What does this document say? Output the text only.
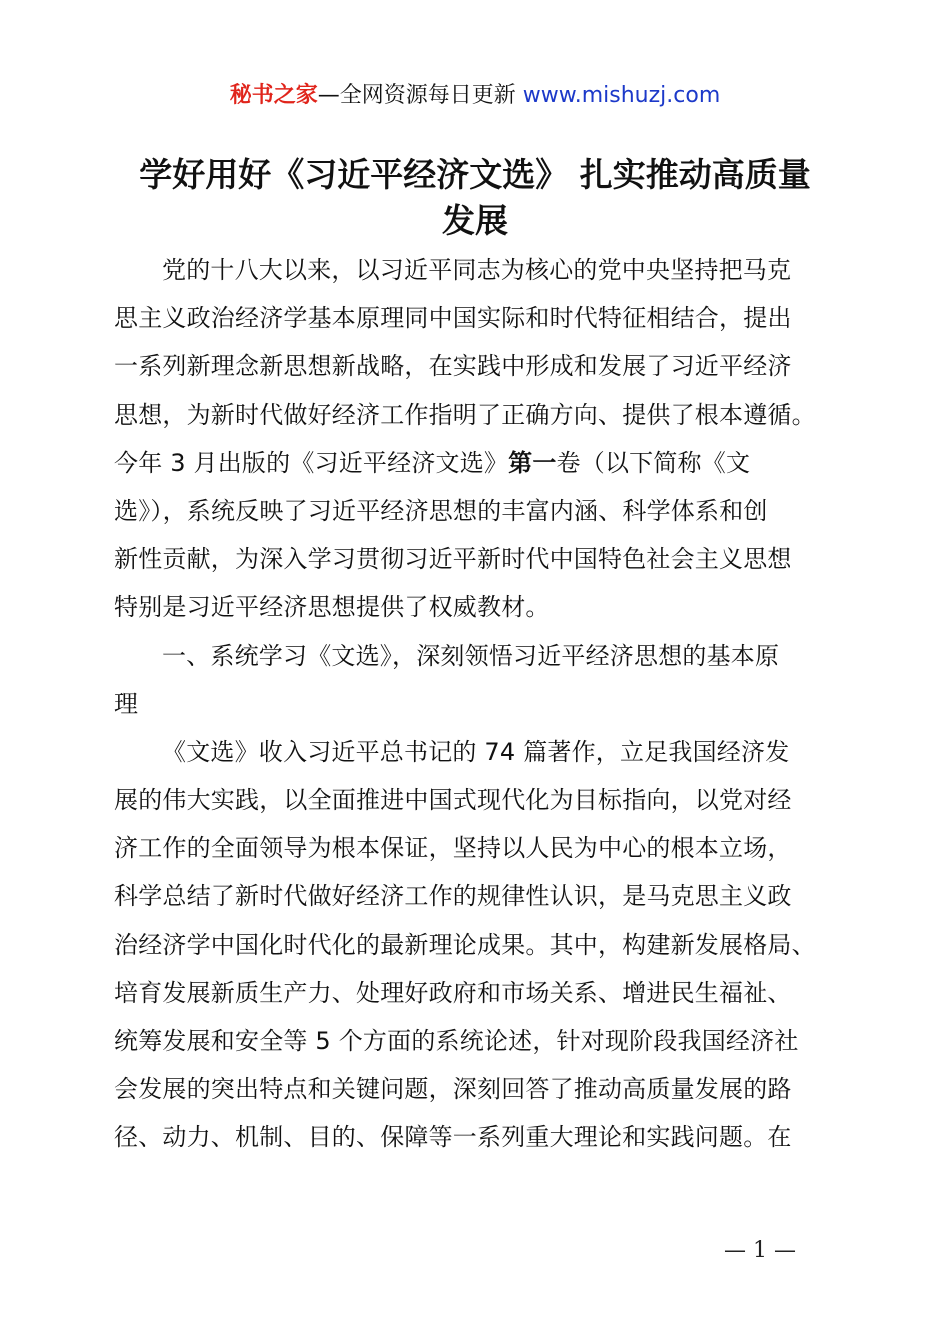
秘书之家—全网资源每日更新 www.mishuzj.com
学好用好《习近平经济文选》 扎实推动高质量
发展
党的十八大以来，以习近平同志为核心的党中央坚持把马克
思主义政治经济学基本原理同中国实际和时代特征相结合，提出
一系列新理念新思想新战略，在实践中形成和发展了习近平经济
思想，为新时代做好经济工作指明了正确方向、提供了根本遵循。
今年 3 月出版的《习近平经济文选》第一卷（以下简称《文
选》），系统反映了习近平经济思想的丰富内涵、科学体系和创
新性贡献，为深入学习贯彻习近平新时代中国特色社会主义思想
特别是习近平经济思想提供了权威教材。
一、系统学习《文选》，深刻领悟习近平经济思想的基本原
理
《文选》收入习近平总书记的 74 篇著作，立足我国经济发
展的伟大实践，以全面推进中国式现代化为目标指向，以党对经
济工作的全面领导为根本保证，坚持以人民为中心的根本立场，
科学总结了新时代做好经济工作的规律性认识，是马克思主义政
治经济学中国化时代化的最新理论成果。其中，构建新发展格局、
培育发展新质生产力、处理好政府和市场关系、增进民生福祉、
统筹发展和安全等 5 个方面的系统论述，针对现阶段我国经济社
会发展的突出特点和关键问题，深刻回答了推动高质量发展的路
径、动力、机制、目的、保障等一系列重大理论和实践问题。在
— 1 —
